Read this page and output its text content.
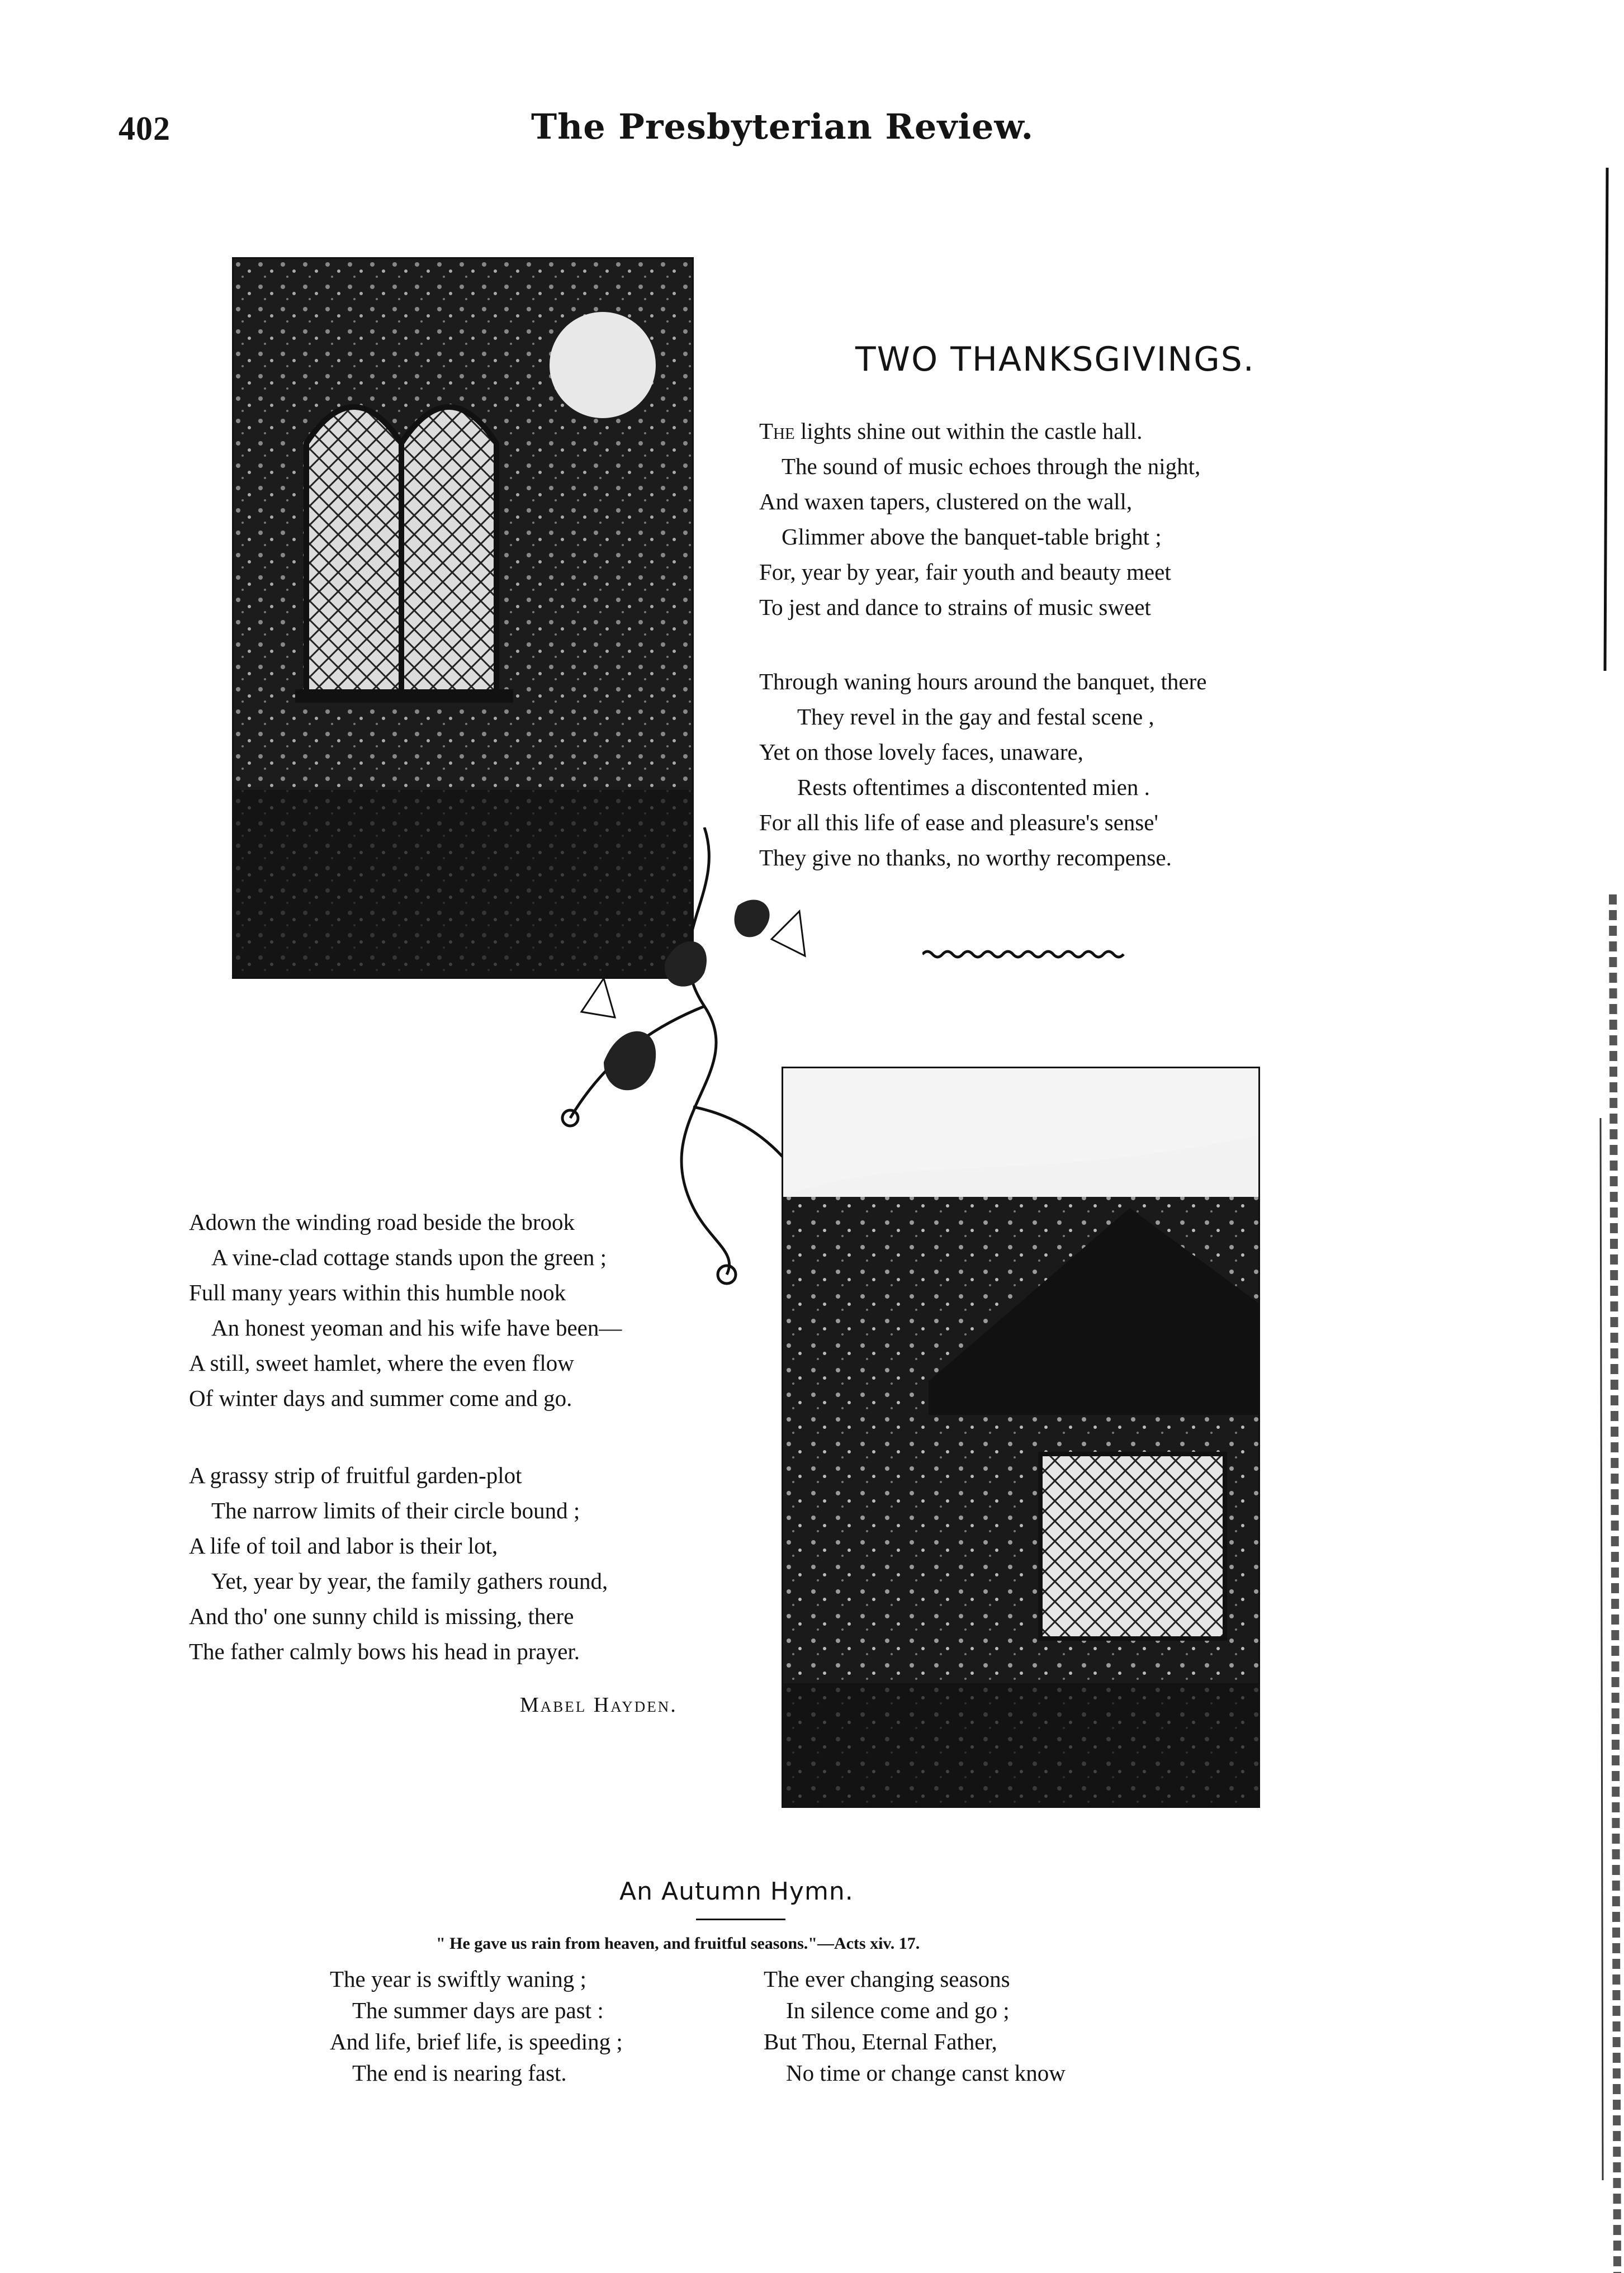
402	The Presbyterian Review.
TWO THANKSGIVINGS.
The lights shine out within the castle hall.
The sound of music echoes through the night,
And waxen tapers, clustered on the wall,
Glimmer above the banquet-table bright ;
For, year by year, fair youth and beauty meet
To jest and dance to strains of music sweet
Through waning hours around the banquet, there
They revel in the gay and festal scene ,
Yet on those lovely faces, unaware,
Rests oftentimes a discontented mien .
For all this life of ease and pleasure's sense'
They give no thanks, no worthy recompense.
Adown the winding road beside the brook
A vine-clad cottage stands upon the green ;
Full many years within this humble nook
An honest yeoman and his wife have been—
A still, sweet hamlet, where the even flow
Of winter days and summer come and go.
A grassy strip of fruitful garden-plot
The narrow limits of their circle bound ;
A life of toil and labor is their lot,
Yet, year by year, the family gathers round,
And tho' one sunny child is missing, there
The father calmly bows his head in prayer.
Mabel Hayden.
An Autumn Hymn.
" He gave us rain from heaven, and fruitful seasons."—Acts xiv. 17.
The year is swiftly waning ;
The summer days are past :
And life, brief life, is speeding ;
The end is nearing fast.
The ever changing seasons
In silence come and go ;
But Thou, Eternal Father,
No time or change canst know
